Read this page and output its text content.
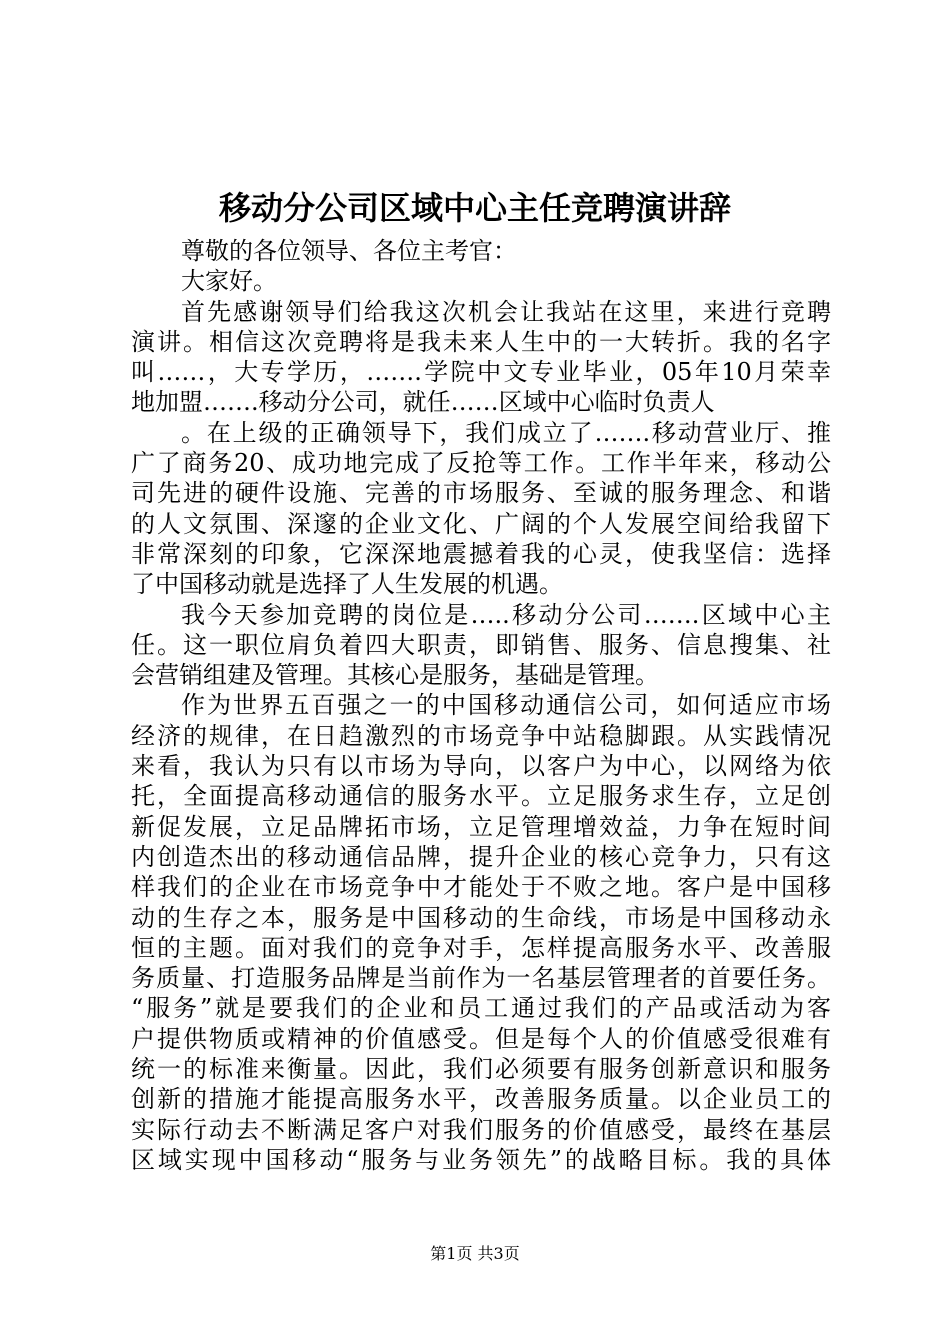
移动分公司区域中心主任竞聘演讲辞
尊敬的各位领导、各位主考官：
大家好。
首先感谢领导们给我这次机会让我站在这里，来进行竞聘
演讲。相信这次竞聘将是我未来人生中的一大转折。我的名字
叫……，大专学历，…….学院中文专业毕业，05年10月荣幸
地加盟…….移动分公司，就任……区域中心临时负责人
。在上级的正确领导下，我们成立了…….移动营业厅、推
广了商务20、成功地完成了反抢等工作。工作半年来，移动公
司先进的硬件设施、完善的市场服务、至诚的服务理念、和谐
的人文氛围、深邃的企业文化、广阔的个人发展空间给我留下
非常深刻的印象，它深深地震撼着我的心灵，使我坚信：选择
了中国移动就是选择了人生发展的机遇。
我今天参加竞聘的岗位是…..移动分公司…….区域中心主
任。这一职位肩负着四大职责，即销售、服务、信息搜集、社
会营销组建及管理。其核心是服务，基础是管理。
作为世界五百强之一的中国移动通信公司，如何适应市场
经济的规律，在日趋激烈的市场竞争中站稳脚跟。从实践情况
来看，我认为只有以市场为导向，以客户为中心，以网络为依
托，全面提高移动通信的服务水平。立足服务求生存，立足创
新促发展，立足品牌拓市场，立足管理增效益，力争在短时间
内创造杰出的移动通信品牌，提升企业的核心竞争力，只有这
样我们的企业在市场竞争中才能处于不败之地。客户是中国移
动的生存之本，服务是中国移动的生命线，市场是中国移动永
恒的主题。面对我们的竞争对手，怎样提高服务水平、改善服
务质量、打造服务品牌是当前作为一名基层管理者的首要任务。
“服务”就是要我们的企业和员工通过我们的产品或活动为客
户提供物质或精神的价值感受。但是每个人的价值感受很难有
统一的标准来衡量。因此，我们必须要有服务创新意识和服务
创新的措施才能提高服务水平，改善服务质量。以企业员工的
实际行动去不断满足客户对我们服务的价值感受，最终在基层
区域实现中国移动“服务与业务领先”的战略目标。我的具体
第1页 共3页
